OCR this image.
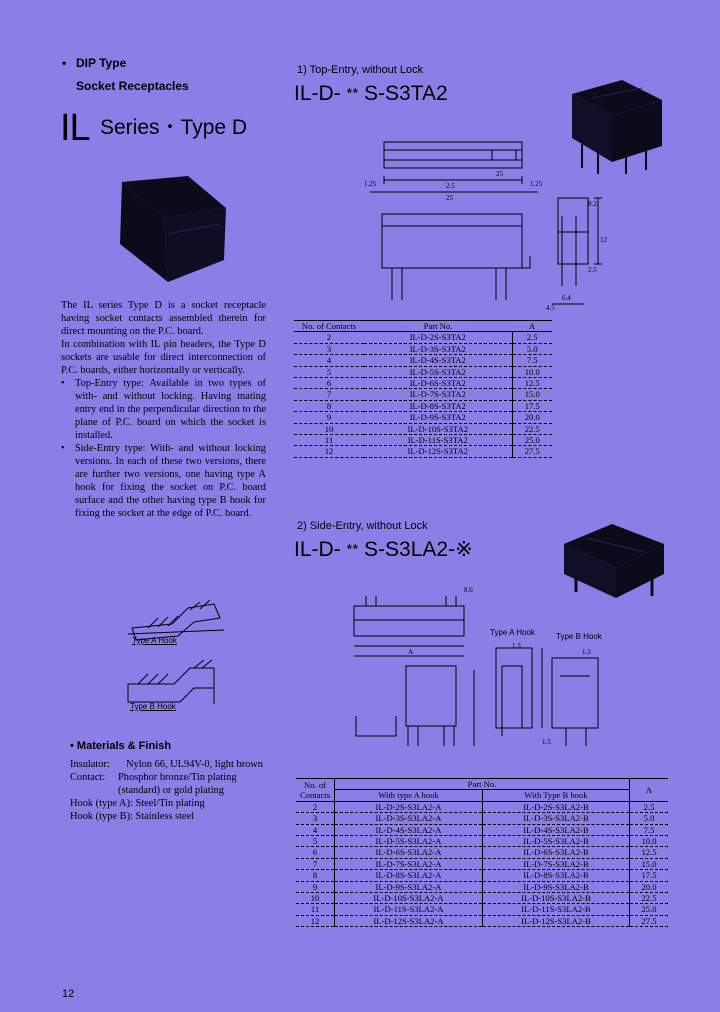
• DIP Type
Socket Receptacles
IL Series・Type D

The IL series Type D is a socket receptacle having socket contacts assembled therein for direct mounting on the P.C. board.

In combination with IL pin headers, the Type D sockets are usable for direct interconnection of P.C. boards, either horizontally or vertically.

• Top-Entry type: Available in two types of with- and without locking. Having mating entry end in the perpendicular direction to the plane of P.C. board on which the socket is installed.

• Side-Entry type: With- and without locking versions. In each of these two versions, there are further two versions, one having type A hook for fixing the socket on P.C. board surface and the other having type B hook for fixing the socket at the edge of P.C. board.

Type A Hook
Type B Hook
• Materials & Finish
Insulator:	Nylon 66, UL94V-0, light brown
Contact:	Phosphor bronze/Tin plating (standard) or gold plating
Hook (type A): Steel/Tin plating
Hook (type B): Stainless steel
12
1) Top-Entry, without Lock
IL-D- ** S-S3TA2
25
1.25	1.25
2.5
8.2
12
6.4
25
2.5
4.5
No. of Contacts	Part No.	A
2	IL-D-2S-S3TA2	2.5
3	IL-D-3S-S3TA2	5.0
4	IL-D-4S-S3TA2	7.5
5	IL-D-5S-S3TA2	10.0
6	IL-D-6S-S3TA2	12.5
7	IL-D-7S-S3TA2	15.0
8	IL-D-8S-S3TA2	17.5
9	IL-D-9S-S3TA2	20.0
10	IL-D-10S-S3TA2	22.5
11	IL-D-11S-S3TA2	25.0
12	IL-D-12S-S3TA2	27.5
2) Side-Entry, without Lock
IL-D- ** S-S3LA2-※
8.6
A
1.3
1.3
1.5
Type A Hook	Type B Hook
No. of Contacts	Part No.		A
	With type A hook	With Type B hook	
2	IL-D-2S-S3LA2-A	IL-D-2S-S3LA2-B	2.5
3	IL-D-3S-S3LA2-A	IL-D-3S-S3LA2-B	5.0
4	IL-D-4S-S3LA2-A	IL-D-4S-S3LA2-B	7.5
5	IL-D-5S-S3LA2-A	IL-D-5S-S3LA2-B	10.0
6	IL-D-6S-S3LA2-A	IL-D-6S-S3LA2-B	12.5
7	IL-D-7S-S3LA2-A	IL-D-7S-S3LA2-B	15.0
8	IL-D-8S-S3LA2-A	IL-D-8S-S3LA2-B	17.5
9	IL-D-9S-S3LA2-A	IL-D-9S-S3LA2-B	20.0
10	IL-D-10S-S3LA2-A	IL-D-10S-S3LA2-B	22.5
11	IL-D-11S-S3LA2-A	IL-D-11S-S3LA2-B	25.0
12	IL-D-12S-S3LA2-A	IL-D-12S-S3LA2-B	27.5
